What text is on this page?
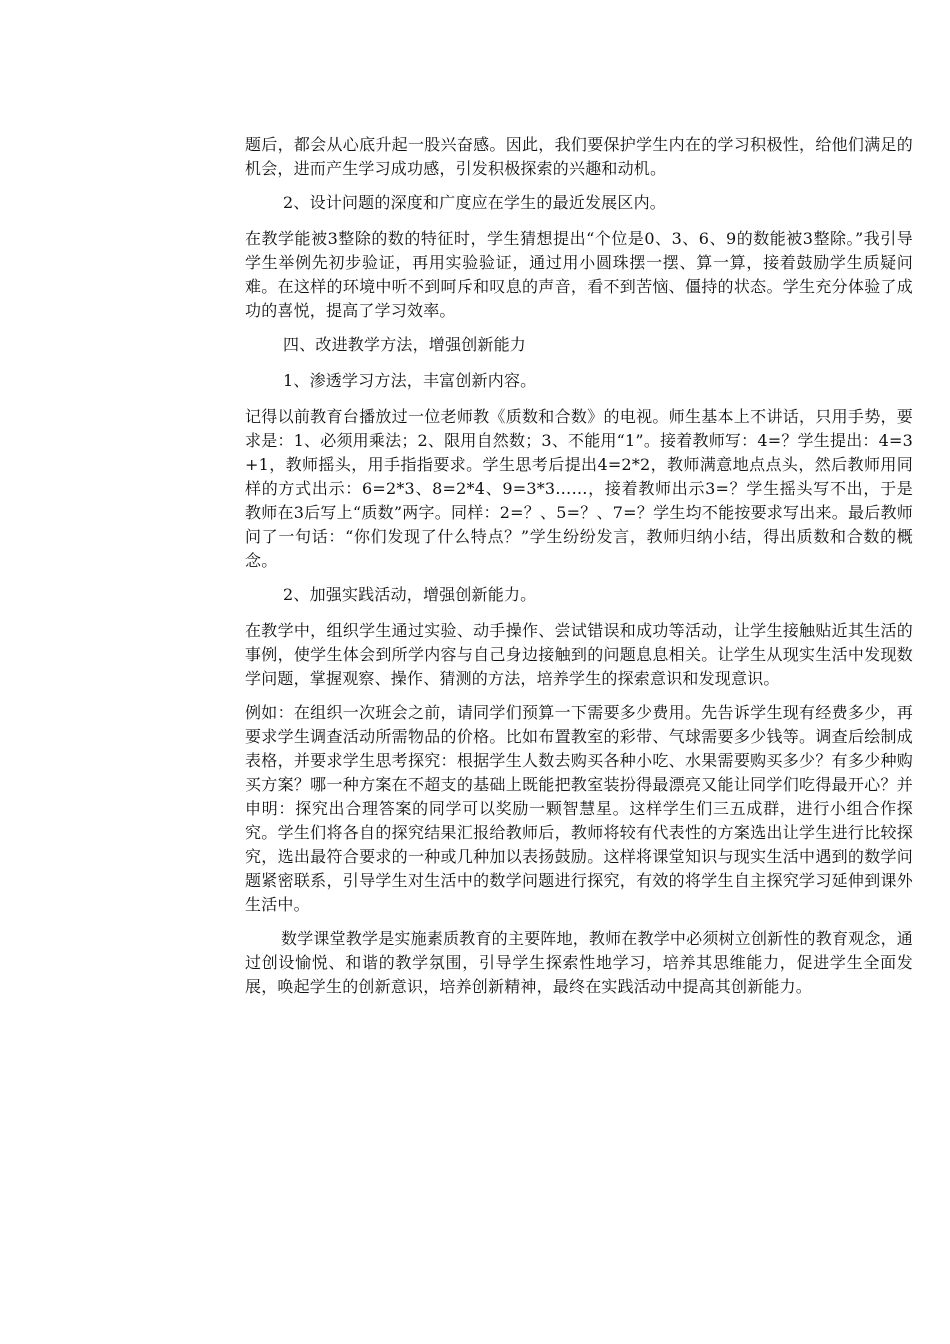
题后，都会从心底升起一股兴奋感。因此，我们要保护学生内在的学习积极性，给他们满足的机会，进而产生学习成功感，引发积极探索的兴趣和动机。

2、设计问题的深度和广度应在学生的最近发展区内。

在教学能被3整除的数的特征时，学生猜想提出“个位是0、3、6、9的数能被3整除。”我引导学生举例先初步验证，再用实验验证，通过用小圆珠摆一摆、算一算，接着鼓励学生质疑问难。在这样的环境中听不到呵斥和叹息的声音，看不到苦恼、僵持的状态。学生充分体验了成功的喜悦，提高了学习效率。

四、改进教学方法，增强创新能力

1、渗透学习方法，丰富创新内容。

记得以前教育台播放过一位老师教《质数和合数》的电视。师生基本上不讲话，只用手势，要求是：1、必须用乘法；2、限用自然数；3、不能用“1”。接着教师写：4=？学生提出：4=3+1，教师摇头，用手指指要求。学生思考后提出4=2*2，教师满意地点点头，然后教师用同样的方式出示：6=2*3、8=2*4、9=3*3……，接着教师出示3=？学生摇头写不出，于是教师在3后写上“质数”两字。同样：2=？、5=？、7=？学生均不能按要求写出来。最后教师问了一句话：“你们发现了什么特点？”学生纷纷发言，教师归纳小结，得出质数和合数的概念。

2、加强实践活动，增强创新能力。

在教学中，组织学生通过实验、动手操作、尝试错误和成功等活动，让学生接触贴近其生活的事例，使学生体会到所学内容与自己身边接触到的问题息息相关。让学生从现实生活中发现数学问题，掌握观察、操作、猜测的方法，培养学生的探索意识和发现意识。

例如：在组织一次班会之前，请同学们预算一下需要多少费用。先告诉学生现有经费多少，再要求学生调查活动所需物品的价格。比如布置教室的彩带、气球需要多少钱等。调查后绘制成表格，并要求学生思考探究：根据学生人数去购买各种小吃、水果需要购买多少？有多少种购买方案？哪一种方案在不超支的基础上既能把教室装扮得最漂亮又能让同学们吃得最开心？并申明：探究出合理答案的同学可以奖励一颗智慧星。这样学生们三五成群，进行小组合作探究。学生们将各自的探究结果汇报给教师后，教师将较有代表性的方案选出让学生进行比较探究，选出最符合要求的一种或几种加以表扬鼓励。这样将课堂知识与现实生活中遇到的数学问题紧密联系，引导学生对生活中的数学问题进行探究，有效的将学生自主探究学习延伸到课外生活中。

数学课堂教学是实施素质教育的主要阵地，教师在教学中必须树立创新性的教育观念，通过创设愉悦、和谐的教学氛围，引导学生探索性地学习，培养其思维能力，促进学生全面发展，唤起学生的创新意识，培养创新精神，最终在实践活动中提高其创新能力。
